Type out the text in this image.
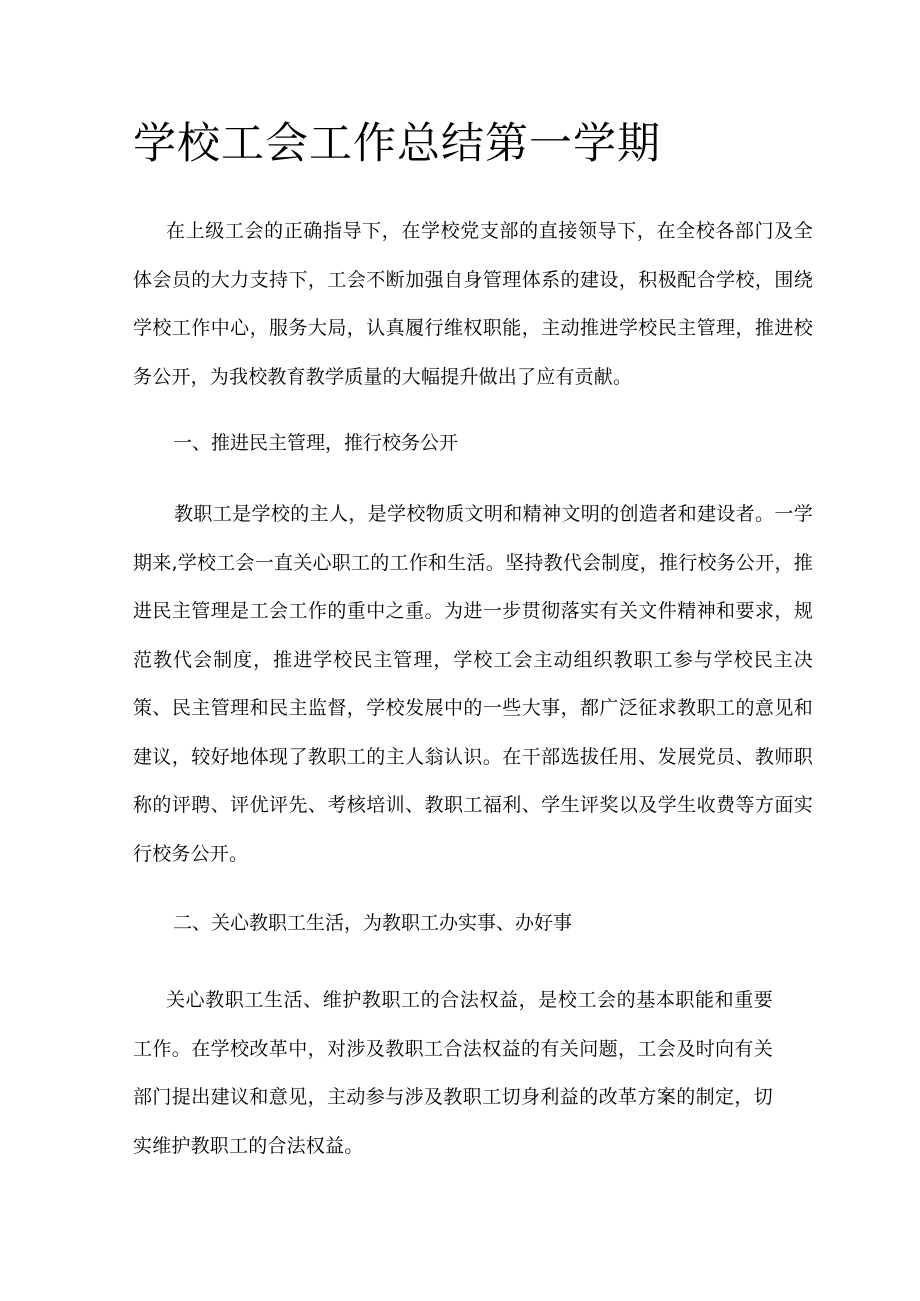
学校工会工作总结第一学期

在上级工会的正确指导下，在学校党支部的直接领导下，在全校各部门及全体会员的大力支持下，工会不断加强自身管理体系的建设，积极配合学校，围绕学校工作中心，服务大局，认真履行维权职能，主动推进学校民主管理，推进校务公开，为我校教育教学质量的大幅提升做出了应有贡献。

一、推进民主管理，推行校务公开

教职工是学校的主人，是学校物质文明和精神文明的创造者和建设者。一学期来,学校工会一直关心职工的工作和生活。坚持教代会制度，推行校务公开，推进民主管理是工会工作的重中之重。为进一步贯彻落实有关文件精神和要求，规范教代会制度，推进学校民主管理，学校工会主动组织教职工参与学校民主决策、民主管理和民主监督，学校发展中的一些大事，都广泛征求教职工的意见和建议，较好地体现了教职工的主人翁认识。在干部选拔任用、发展党员、教师职称的评聘、评优评先、考核培训、教职工福利、学生评奖以及学生收费等方面实行校务公开。

二、关心教职工生活，为教职工办实事、办好事

关心教职工生活、维护教职工的合法权益，是校工会的基本职能和重要工作。在学校改革中，对涉及教职工合法权益的有关问题，工会及时向有关部门提出建议和意见，主动参与涉及教职工切身利益的改革方案的制定，切实维护教职工的合法权益。
